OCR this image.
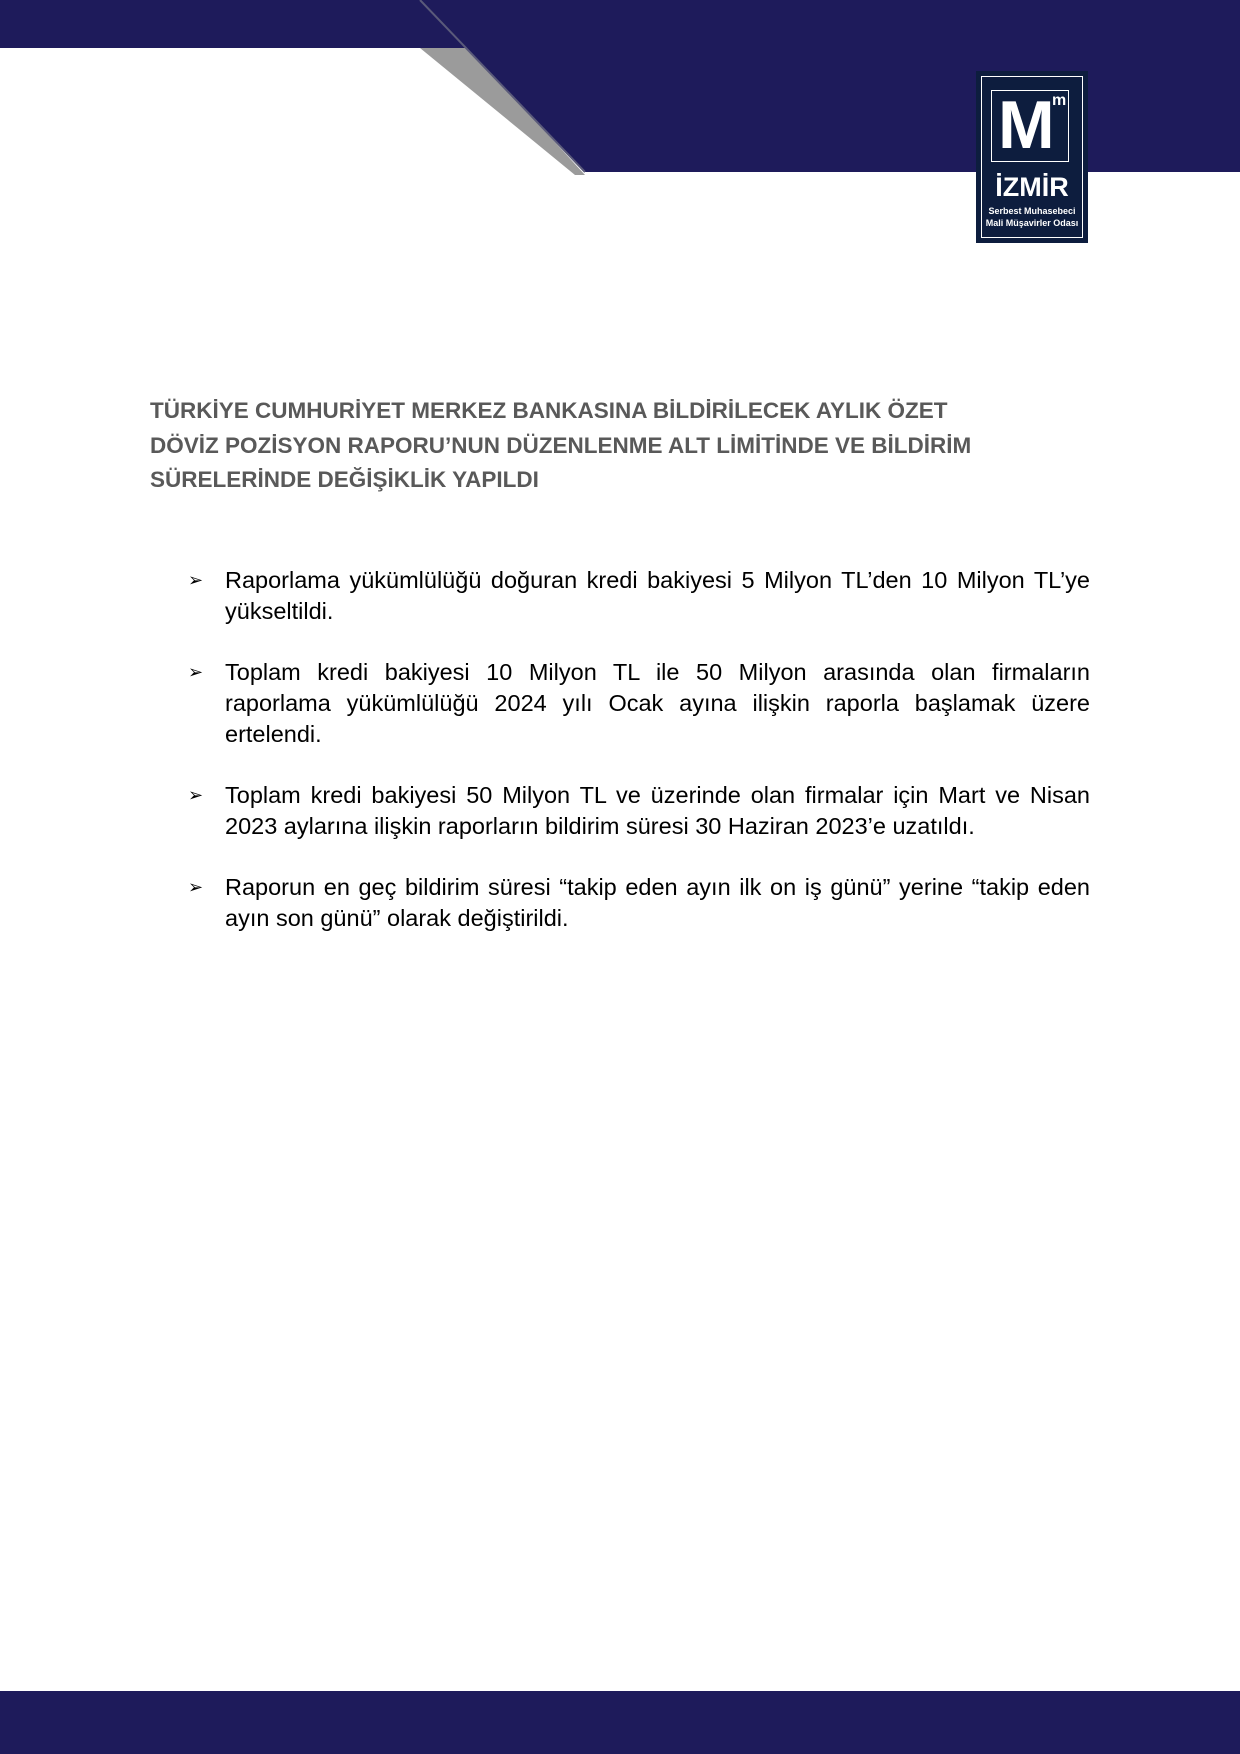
M
m
İZMİR
Serbest Muhasebeci
Mali Müşavirler Odası
TÜRKİYE CUMHURİYET MERKEZ BANKASINA BİLDİRİLECEK AYLIK ÖZET
DÖVİZ POZİSYON RAPORU’NUN DÜZENLENME ALT LİMİTİNDE VE BİLDİRİM
SÜRELERİNDE DEĞİŞİKLİK YAPILDI
➢ Raporlama yükümlülüğü doğuran kredi bakiyesi 5 Milyon TL’den 10 Milyon TL’ye yükseltildi.
➢ Toplam kredi bakiyesi 10 Milyon TL ile 50 Milyon arasında olan firmaların raporlama yükümlülüğü 2024 yılı Ocak ayına ilişkin raporla başlamak üzere ertelendi.
➢ Toplam kredi bakiyesi 50 Milyon TL ve üzerinde olan firmalar için Mart ve Nisan 2023 aylarına ilişkin raporların bildirim süresi 30 Haziran 2023’e uzatıldı.
➢ Raporun en geç bildirim süresi “takip eden ayın ilk on iş günü” yerine “takip eden ayın son günü” olarak değiştirildi.
